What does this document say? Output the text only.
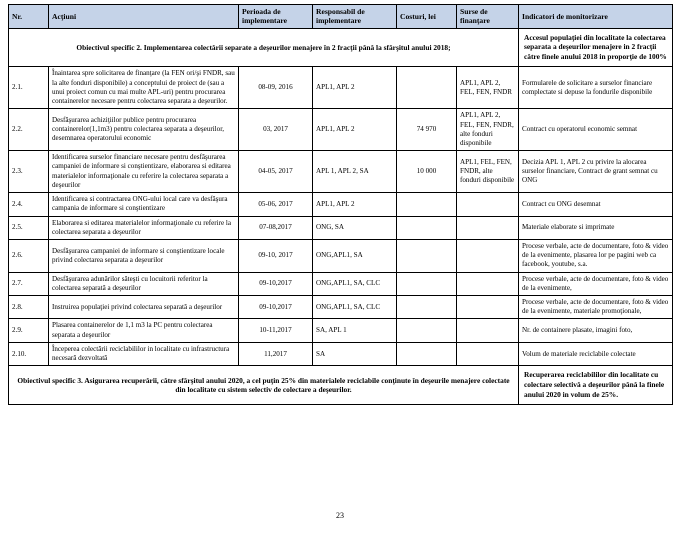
Nr.	Acţiuni	Perioada de implementare	Responsabil de implementare	Costuri, lei	Surse de finanţare	Indicatori de monitorizare
Obiectivul specific 2. Implementarea colectării separate a deşeurilor menajere în 2 fracţii până la sfârşitul anului 2018;						Accesul populaţiei din localitate la colectarea separata a deşeurilor menajere in 2 fracţii către finele anului 2018 in proporţie de 100%
2.1.	Înaintarea spre solicitarea de finanţare (la FEN ori/şi FNDR, sau la alte fonduri disponibile) a conceptului de proiect de (sau a unui proiect comun cu mai multe APL-uri) pentru procurarea containerelor necesare pentru colectarea separata a deşeurilor.	08-09, 2016	APL1, APL 2		APL1, APL 2, FEL, FEN, FNDR	Formularele de solicitare a surselor financiare complectate si depuse la fondurile disponibile
2.2.	Desfăşurarea achiziţiilor publice pentru procurarea containerelor(1,1m3) pentru colectarea separata a deşeurilor, desemnarea operatorului economic	03, 2017	APL1, APL 2	74 970	APL1, APL 2, FEL, FEN, FNDR, alte fonduri disponibile	Contract cu operatorul economic semnat
2.3.	Identificarea surselor financiare necesare pentru desfăşurarea campaniei de informare si conştientizare, elaborarea si editarea materialelor informaţionale cu referire la colectarea separata a deşeurilor	04-05, 2017	APL 1, APL 2, SA	10 000	APL1, FEL, FEN, FNDR, alte fonduri disponibile	Decizia APL 1, APL 2 cu privire la alocarea surselor financiare, Contract de grant semnat cu ONG
2.4.	Identificarea si contractarea ONG-ului local care va desfăşura campania de informare si conştientizare	05-06, 2017	APL1, APL 2			Contract cu ONG desemnat
2.5.	Elaborarea si editarea materialelor informaţionale cu referire la colectarea separata a deşeurilor	07-08,2017	ONG, SA			Materiale elaborate si imprimate
2.6.	Desfăşurarea campaniei de informare si conştientizare locale privind colectarea separata a deşeurilor	09-10, 2017	ONG,APL1, SA			Procese verbale, acte de documentare, foto & video de la evenimente, plasarea lor pe pagini web ca facebook, youtube, s.a.
2.7.	Desfăşurarea adunărilor săteşti cu locuitorii referitor la colectarea separată a deşeurilor	09-10,2017	ONG,APL1, SA, CLC			Procese verbale, acte de documentare, foto & video de la evenimente,
2.8.	Instruirea populaţiei privind colectarea separată a deşeurilor	09-10,2017	ONG,APL1, SA, CLC			Procese verbale, acte de documentare, foto & video de la evenimente, materiale promoţionale,
2.9.	Plasarea containerelor de 1,1 m3 la PC pentru colectarea separata a deşeurilor	10-11,2017	SA, APL 1			Nr. de containere plasate, imagini foto,
2.10.	Începerea colectării reciclabililor in localitate cu infrastructura necesară dezvoltată	11,2017	SA			Volum de materiale reciclabile colectate
Obiectivul specific 3. Asigurarea recuperării, către sfârşitul anului 2020, a cel puţin 25% din materialele reciclabile conţinute în deşeurile menajere colectate din localitate cu sistem selectiv de colectare a deşeurilor.						Recuperarea reciclabililor din localitate cu colectare selectivă a deşeurilor până la finele anului 2020 in volum de 25%.
23
